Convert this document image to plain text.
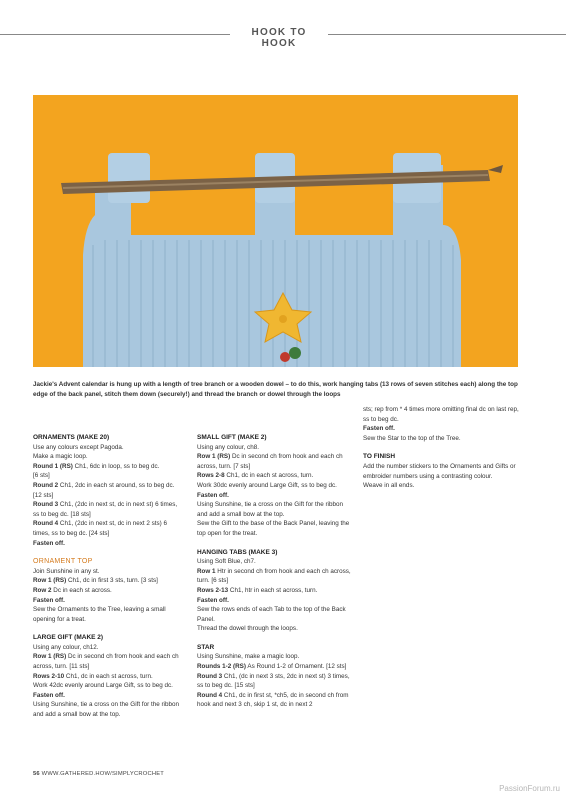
HOOK TO HOOK
Jackie's Advent calendar is hung up with a length of tree branch or a wooden dowel – to do this, work hanging tabs (13 rows of seven stitches each) along the top edge of the back panel, stitch them down (securely!) and thread the branch or dowel through the loops

ORNAMENTS (MAKE 20)

Use any colours except Pagoda.

Make a magic loop.

Round 1 (RS) Ch1, 6dc in loop, ss to beg dc.

[6 sts]

Round 2 Ch1, 2dc in each st around, ss to beg dc. [12 sts]

Round 3 Ch1, (2dc in next st, dc in next st) 6 times, ss to beg dc. [18 sts]

Round 4 Ch1, (2dc in next st, dc in next 2 sts) 6 times, ss to beg dc. [24 sts]

Fasten off.

ORNAMENT TOP

Join Sunshine in any st.

Row 1 (RS) Ch1, dc in first 3 sts, turn. [3 sts]

Row 2 Dc in each st across.

Fasten off.

Sew the Ornaments to the Tree, leaving a small opening for a treat.

LARGE GIFT (MAKE 2)

Using any colour, ch12.

Row 1 (RS) Dc in second ch from hook and each ch across, turn. [11 sts]

Rows 2-10 Ch1, dc in each st across, turn.

Work 42dc evenly around Large Gift, ss to beg dc.

Fasten off.

Using Sunshine, tie a cross on the Gift for the ribbon and add a small bow at the top.

SMALL GIFT (MAKE 2)

Using any colour, ch8.

Row 1 (RS) Dc in second ch from hook and each ch across, turn. [7 sts]

Rows 2-8 Ch1, dc in each st across, turn.

Work 30dc evenly around Large Gift, ss to beg dc.

Fasten off.

Using Sunshine, tie a cross on the Gift for the ribbon and add a small bow at the top.

Sew the Gift to the base of the Back Panel, leaving the top open for the treat.

HANGING TABS (MAKE 3)

Using Soft Blue, ch7.

Row 1 Htr in second ch from hook and each ch across, turn. [6 sts]

Rows 2-13 Ch1, htr in each st across, turn.

Fasten off.

Sew the rows ends of each Tab to the top of the Back Panel.

Thread the dowel through the loops.

STAR

Using Sunshine, make a magic loop.

Rounds 1-2 (RS) As Round 1-2 of Ornament. [12 sts]

Round 3 Ch1, (dc in next 3 sts, 2dc in next st) 3 times, ss to beg dc. [15 sts]

Round 4 Ch1, dc in first st, *ch5, dc in second ch from hook and next 3 ch, skip 1 st, dc in next 2

sts; rep from * 4 times more omitting final dc on last rep, ss to beg dc.

Fasten off.

Sew the Star to the top of the Tree.

TO FINISH

Add the number stickers to the Ornaments and Gifts or embroider numbers using a contrasting colour.

Weave in all ends.

56 WWW.GATHERED.HOW/SIMPLYCROCHET
PassionForum.ru
